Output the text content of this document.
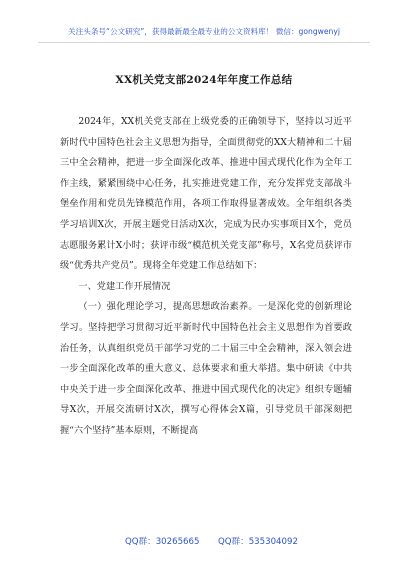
关注头条号“公文研究”，获得最新最全最专业的公文资料库！ 微信：gongwenyj
XX机关党支部2024年年度工作总结

2024年，XX机关党支部在上级党委的正确领导下，坚持以习近平新时代中国特色社会主义思想为指导，全面贯彻党的XX大精神和二十届三中全会精神，把进一步全面深化改革、推进中国式现代化作为全年工作主线，紧紧围绕中心任务，扎实推进党建工作，充分发挥党支部战斗堡垒作用和党员先锋模范作用，各项工作取得显著成效。全年组织各类学习培训X次，开展主题党日活动X次，完成为民办实事项目X个，党员志愿服务累计X小时；获评市级“模范机关党支部”称号，X名党员获评市级“优秀共产党员”。现将全年党建工作总结如下：

一、党建工作开展情况

（一）强化理论学习，提高思想政治素养。一是深化党的创新理论学习。坚持把学习贯彻习近平新时代中国特色社会主义思想作为首要政治任务，认真组织党员干部学习党的二十届三中全会精神，深入领会进一步全面深化改革的重大意义、总体要求和重大举措。集中研读《中共中央关于进一步全面深化改革、推进中国式现代化的决定》组织专题辅导X次，开展交流研讨X次，撰写心得体会X篇，引导党员干部深刻把握“六个坚持”基本原则，不断提高

QQ群：30265665 QQ群：535304092
